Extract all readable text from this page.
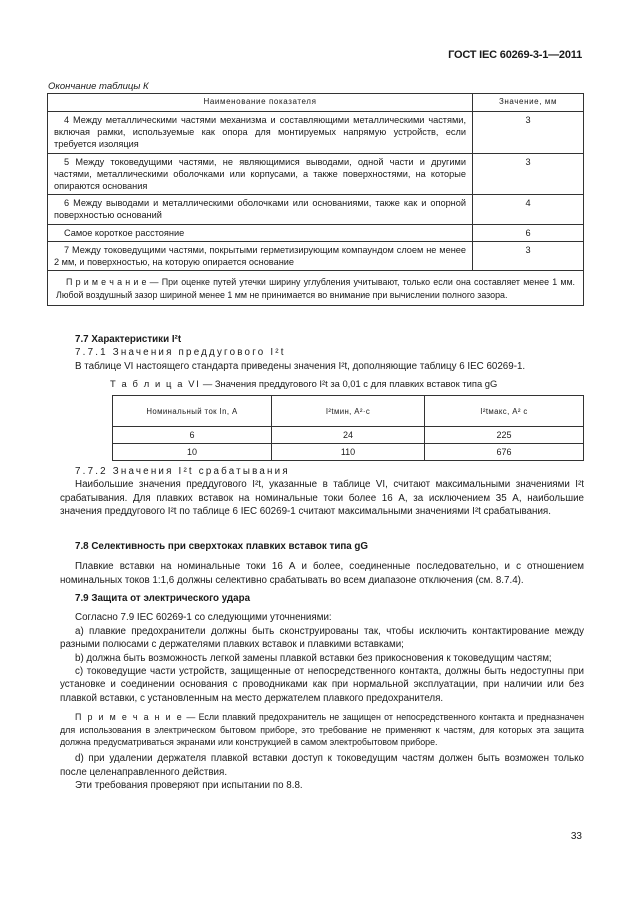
ГОСТ IEC 60269-3-1—2011
Окончание таблицы К
Наименование показателя	Значение, мм

4 Между металлическими частями механизма и составляющими металлическими частями, включая рамки, используемые как опора для монтируемых напрямую устройств, если требуется изоляция	3

5 Между токоведущими частями, не являющимися выводами, одной части и другими частями, металлическими оболочками или корпусами, а также поверхностями, на которые опираются основания	3

6 Между выводами и металлическими оболочками или основаниями, также как и опорной поверхностью оснований	4

Самое короткое расстояние	6

7 Между токоведущими частями, покрытыми герметизирующим компаундом слоем не менее 2 мм, и поверхностью, на которую опирается основание	3
П р и м е ч а н и е — При оценке путей утечки ширину углубления учитывают, только если она составляет менее 1 мм. Любой воздушный зазор шириной менее 1 мм не принимается во внимание при вычислении полного зазора.	
7.7 Характеристики I²t
7.7.1 Значения преддугового I²t

В таблице VI настоящего стандарта приведены значения I²t, дополняющие таблицу 6 IEC 60269-1.

Т а б л и ц а VI — Значения преддугового I²t за 0,01 с для плавких вставок типа gG
Номинальный ток In, А	I²tмин, А²·с	I²tмакс, А² с
6	24	225
10	110	676
7.7.2 Значения I²t срабатывания

Наибольшие значения преддугового I²t, указанные в таблице VI, считают максимальными значениями I²t срабатывания. Для плавких вставок на номинальные токи более 16 А, за исключением 35 А, наибольшие значения преддугового I²t по таблице 6 IEC 60269-1 считают максимальными значениями I²t срабатывания.

7.8 Селективность при сверхтоках плавких вставок типа gG

Плавкие вставки на номинальные токи 16 А и более, соединенные последовательно, и с отношением номинальных токов 1:1,6 должны селективно срабатывать во всем диапазоне отключения (см. 8.7.4).

7.9 Защита от электрического удара

Согласно 7.9 IEC 60269-1 со следующими уточнениями:

a) плавкие предохранители должны быть сконструированы так, чтобы исключить контактирование между разными полюсами с держателями плавких вставок и плавкими вставками;

b) должна быть возможность легкой замены плавкой вставки без прикосновения к токоведущим частям;

c) токоведущие части устройств, защищенные от непосредственного контакта, должны быть недоступны при установке и соединении основания с проводниками как при нормальной эксплуатации, при наличии или без плавкой вставки, с установленным на место держателем плавкого предохранителя.

П р и м е ч а н и е — Если плавкий предохранитель не защищен от непосредственного контакта и предназначен для использования в электрическом бытовом приборе, это требование не применяют к частям, для которых эта защита должна предусматриваться экранами или конструкцией в самом электробытовом приборе.

d) при удалении держателя плавкой вставки доступ к токоведущим частям должен быть возможен только после целенаправленного действия.

Эти требования проверяют при испытании по 8.8.

33
